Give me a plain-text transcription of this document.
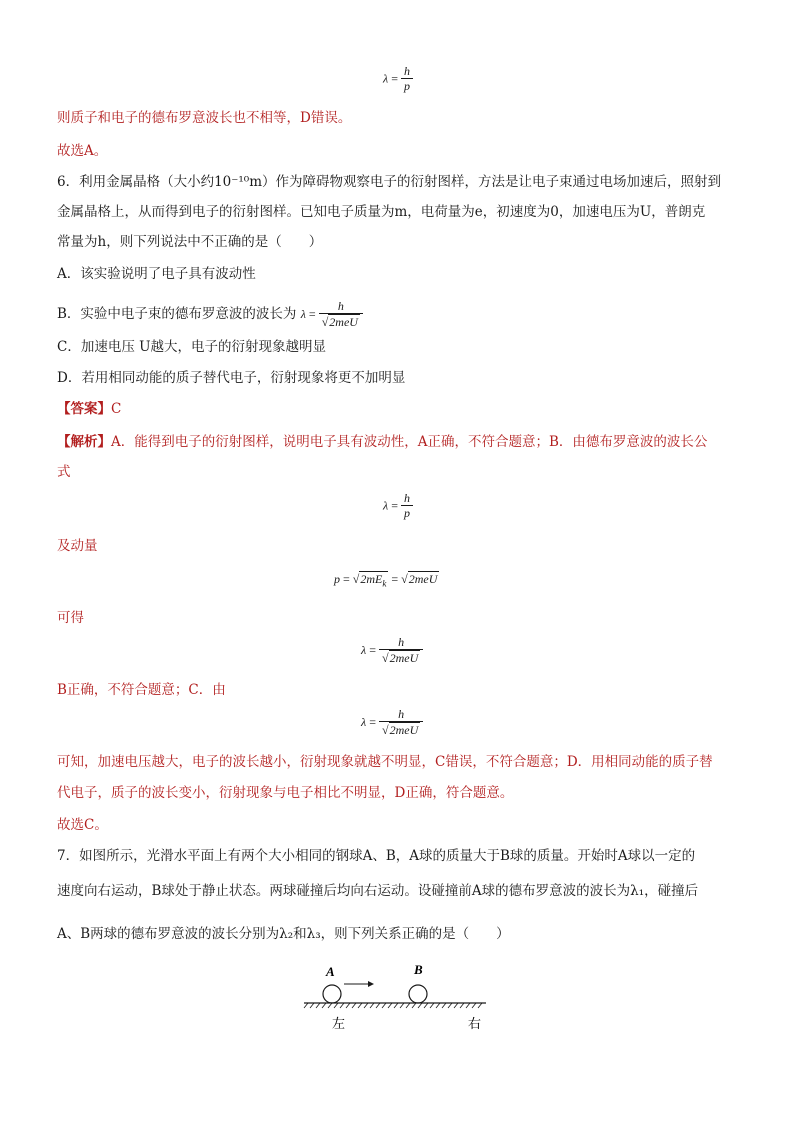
$\lambda = \frac{h}{p}$
则质子和电子的德布罗意波长也不相等，D错误。
故选A。
6．利用金属晶格（大小约10⁻¹⁰m）作为障碍物观察电子的衍射图样，方法是让电子束通过电场加速后，照射到
金属晶格上，从而得到电子的衍射图样。已知电子质量为m，电荷量为e，初速度为0，加速电压为U，普朗克
常量为h，则下列说法中不正确的是（　　）
A．该实验说明了电子具有波动性
B．实验中电子束的德布罗意波的波长为 $\lambda = \frac{h}{\text{√2meU}}$
C．加速电压 U越大，电子的衍射现象越明显
D．若用相同动能的质子替代电子，衍射现象将更不加明显
【答案】C
【解析】A．能得到电子的衍射图样，说明电子具有波动性，A正确，不符合题意；B．由德布罗意波的波长公
式
$\lambda = \frac{h}{p}$
及动量
$p = √2mE_k = √2meU$
可得
$\lambda = \frac{h}{\text{√2meU}}$
B正确，不符合题意；C．由
$\lambda = \frac{h}{\text{√2meU}}$
可知，加速电压越大，电子的波长越小，衍射现象就越不明显，C错误，不符合题意；D．用相同动能的质子替
代电子，质子的波长变小，衍射现象与电子相比不明显，D正确，符合题意。
故选C。
7．如图所示，光滑水平面上有两个大小相同的钢球A、B，A球的质量大于B球的质量。开始时A球以一定的
速度向右运动，B球处于静止状态。两球碰撞后均向右运动。设碰撞前A球的德布罗意波的波长为λ₁，碰撞后
A、B两球的德布罗意波的波长分别为λ₂和λ₃，则下列关系正确的是（　　）
A	B
左	右
